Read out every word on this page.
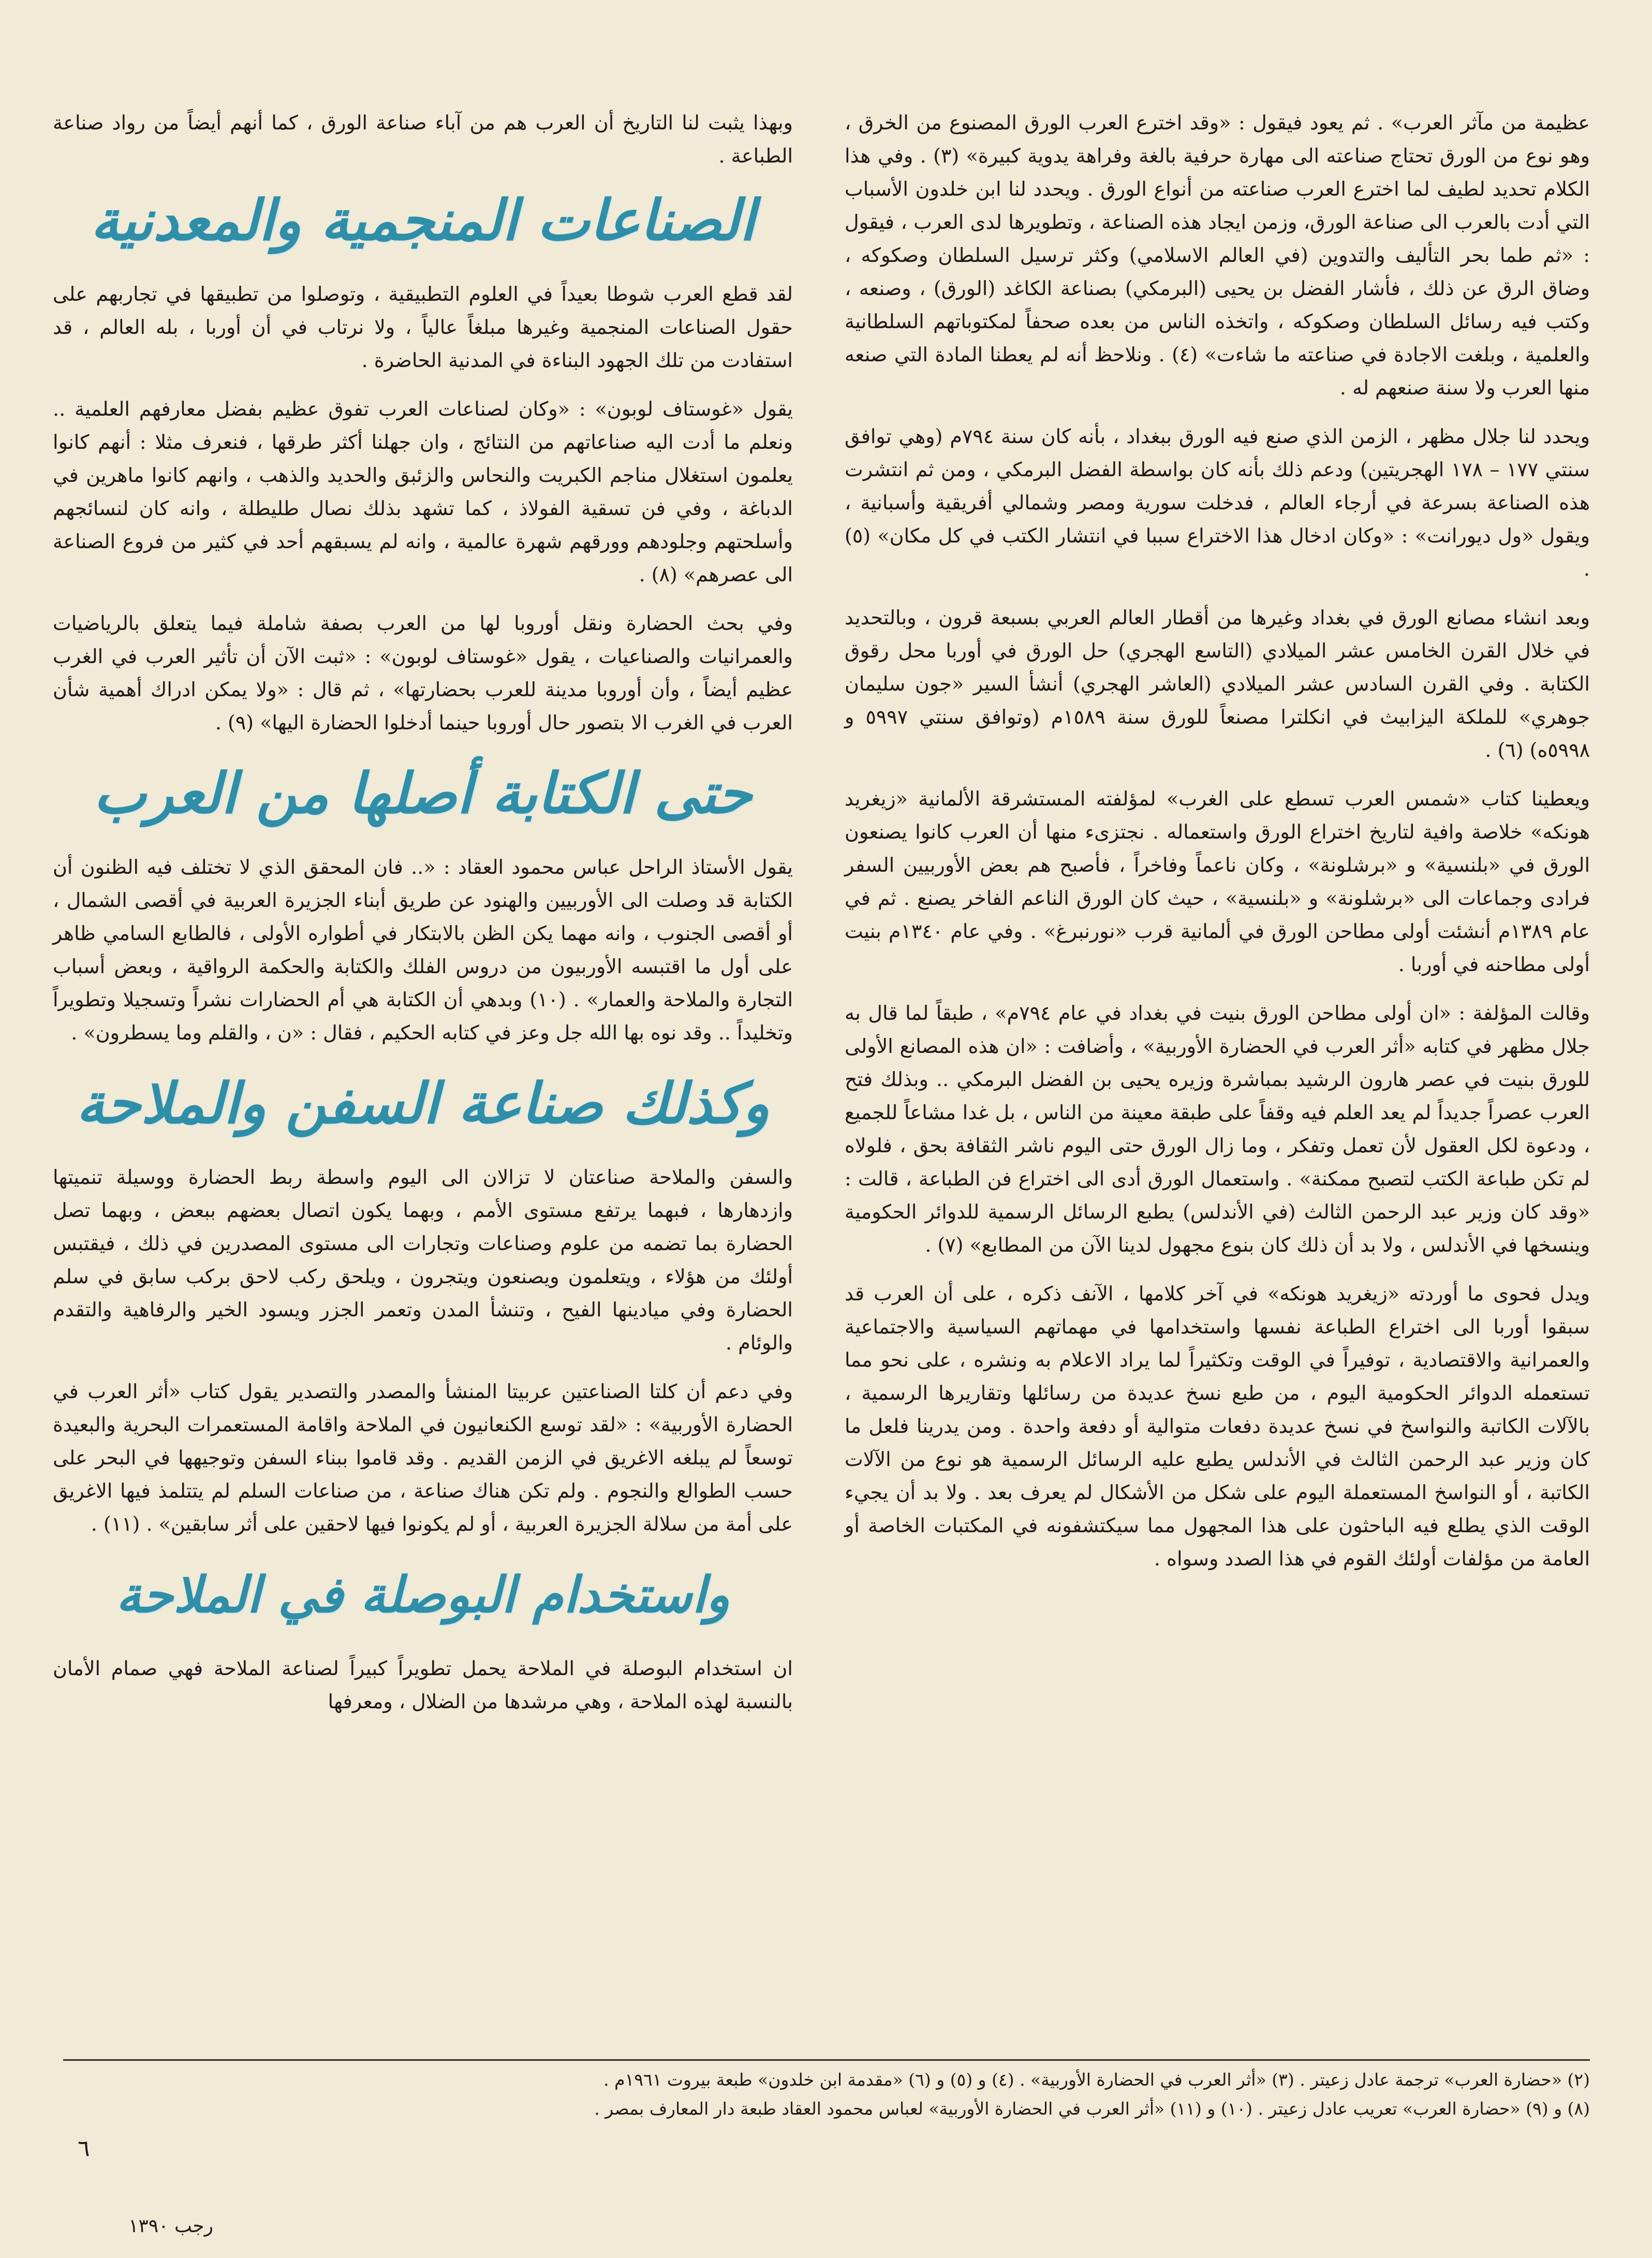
عظيمة من مآثر العرب» . ثم يعود فيقول : «وقد اخترع العرب الورق المصنوع من الخرق ، وهو نوع من الورق تحتاج صناعته الى مهارة حرفية بالغة وفراهة يدوية كبيرة» (٣) . وفي هذا الكلام تحديد لطيف لما اخترع العرب صناعته من أنواع الورق . ويحدد لنا ابن خلدون الأسباب التي أدت بالعرب الى صناعة الورق، وزمن ايجاد هذه الصناعة ، وتطويرها لدى العرب ، فيقول : «ثم طما بحر التأليف والتدوين (في العالم الاسلامي) وكثر ترسيل السلطان وصكوكه ، وضاق الرق عن ذلك ، فأشار الفضل بن يحيى (البرمكي) بصناعة الكاغد (الورق) ، وصنعه ، وكتب فيه رسائل السلطان وصكوكه ، واتخذه الناس من بعده صحفاً لمكتوباتهم السلطانية والعلمية ، وبلغت الاجادة في صناعته ما شاءت» (٤) . ونلاحظ أنه لم يعطنا المادة التي صنعه منها العرب ولا سنة صنعهم له .

ويحدد لنا جلال مظهر ، الزمن الذي صنع فيه الورق ببغداد ، بأنه كان سنة ٧٩٤م (وهي توافق سنتي ١٧٧ – ١٧٨ الهجريتين) ودعم ذلك بأنه كان بواسطة الفضل البرمكي ، ومن ثم انتشرت هذه الصناعة بسرعة في أرجاء العالم ، فدخلت سورية ومصر وشمالي أفريقية وأسبانية ، ويقول «ول ديورانت» : «وكان ادخال هذا الاختراع سببا في انتشار الكتب في كل مكان» (٥) .

وبعد انشاء مصانع الورق في بغداد وغيرها من أقطار العالم العربي بسبعة قرون ، وبالتحديد في خلال القرن الخامس عشر الميلادي (التاسع الهجري) حل الورق في أوربا محل رقوق الكتابة . وفي القرن السادس عشر الميلادي (العاشر الهجري) أنشأ السير «جون سليمان جوهري» للملكة اليزابيث في انكلترا مصنعاً للورق سنة ١٥٨٩م (وتوافق سنتي ٥٩٩٧ و ٥٩٩٨ه) (٦) .

ويعطينا كتاب «شمس العرب تسطع على الغرب» لمؤلفته المستشرقة الألمانية «زيغريد هونكه» خلاصة وافية لتاريخ اختراع الورق واستعماله . نجتزىء منها أن العرب كانوا يصنعون الورق في «بلنسية» و «برشلونة» ، وكان ناعماً وفاخراً ، فأصبح هم بعض الأوربيين السفر فرادى وجماعات الى «برشلونة» و «بلنسية» ، حيث كان الورق الناعم الفاخر يصنع . ثم في عام ١٣٨٩م أنشئت أولى مطاحن الورق في ألمانية قرب «نورنبرغ» . وفي عام ١٣٤٠م بنيت أولى مطاحنه في أوربا .

وقالت المؤلفة : «ان أولى مطاحن الورق بنيت في بغداد في عام ٧٩٤م» ، طبقاً لما قال به جلال مظهر في كتابه «أثر العرب في الحضارة الأوربية» ، وأضافت : «ان هذه المصانع الأولى للورق بنيت في عصر هارون الرشيد بمباشرة وزيره يحيى بن الفضل البرمكي .. وبذلك فتح العرب عصراً جديداً لم يعد العلم فيه وقفاً على طبقة معينة من الناس ، بل غدا مشاعاً للجميع ، ودعوة لكل العقول لأن تعمل وتفكر ، وما زال الورق حتى اليوم ناشر الثقافة بحق ، فلولاه لم تكن طباعة الكتب لتصبح ممكنة» . واستعمال الورق أدى الى اختراع فن الطباعة ، قالت : «وقد كان وزير عبد الرحمن الثالث (في الأندلس) يطبع الرسائل الرسمية للدوائر الحكومية وينسخها في الأندلس ، ولا بد أن ذلك كان بنوع مجهول لدينا الآن من المطابع» (٧) .

ويدل فحوى ما أوردته «زيغريد هونكه» في آخر كلامها ، الآنف ذكره ، على أن العرب قد سبقوا أوربا الى اختراع الطباعة نفسها واستخدامها في مهماتهم السياسية والاجتماعية والعمرانية والاقتصادية ، توفيراً في الوقت وتكثيراً لما يراد الاعلام به ونشره ، على نحو مما تستعمله الدوائر الحكومية اليوم ، من طبع نسخ عديدة من رسائلها وتقاريرها الرسمية ، بالآلات الكاتبة والنواسخ في نسخ عديدة دفعات متوالية أو دفعة واحدة . ومن يدرينا فلعل ما كان وزير عبد الرحمن الثالث في الأندلس يطبع عليه الرسائل الرسمية هو نوع من الآلات الكاتبة ، أو النواسخ المستعملة اليوم على شكل من الأشكال لم يعرف بعد . ولا بد أن يجيء الوقت الذي يطلع فيه الباحثون على هذا المجهول مما سيكتشفونه في المكتبات الخاصة أو العامة من مؤلفات أولئك القوم في هذا الصدد وسواه .

وبهذا يثبت لنا التاريخ أن العرب هم من آباء صناعة الورق ، كما أنهم أيضاً من رواد صناعة الطباعة .

الصناعات المنجمية والمعدنية

لقد قطع العرب شوطا بعيداً في العلوم التطبيقية ، وتوصلوا من تطبيقها في تجاربهم على حقول الصناعات المنجمية وغيرها مبلغاً عالياً ، ولا نرتاب في أن أوربا ، بله العالم ، قد استفادت من تلك الجهود البناءة في المدنية الحاضرة .

يقول «غوستاف لوبون» : «وكان لصناعات العرب تفوق عظيم بفضل معارفهم العلمية .. ونعلم ما أدت اليه صناعاتهم من النتائج ، وان جهلنا أكثر طرقها ، فنعرف مثلا : أنهم كانوا يعلمون استغلال مناجم الكبريت والنحاس والزئبق والحديد والذهب ، وانهم كانوا ماهرين في الدباغة ، وفي فن تسقية الفولاذ ، كما تشهد بذلك نصال طليطلة ، وانه كان لنسائجهم وأسلحتهم وجلودهم وورقهم شهرة عالمية ، وانه لم يسبقهم أحد في كثير من فروع الصناعة الى عصرهم» (٨) .

وفي بحث الحضارة ونقل أوروبا لها من العرب بصفة شاملة فيما يتعلق بالرياضيات والعمرانيات والصناعيات ، يقول «غوستاف لوبون» : «ثبت الآن أن تأثير العرب في الغرب عظيم أيضاً ، وأن أوروبا مدينة للعرب بحضارتها» ، ثم قال : «ولا يمكن ادراك أهمية شأن العرب في الغرب الا بتصور حال أوروبا حينما أدخلوا الحضارة اليها» (٩) .

حتى الكتابة أصلها من العرب

يقول الأستاذ الراحل عباس محمود العقاد : «.. فان المحقق الذي لا تختلف فيه الظنون أن الكتابة قد وصلت الى الأوربيين والهنود عن طريق أبناء الجزيرة العربية في أقصى الشمال ، أو أقصى الجنوب ، وانه مهما يكن الظن بالابتكار في أطواره الأولى ، فالطابع السامي ظاهر على أول ما اقتبسه الأوربيون من دروس الفلك والكتابة والحكمة الرواقية ، وبعض أسباب التجارة والملاحة والعمار» . (١٠) وبدهي أن الكتابة هي أم الحضارات نشراً وتسجيلا وتطويراً وتخليداً .. وقد نوه بها الله جل وعز في كتابه الحكيم ، فقال : «ن ، والقلم وما يسطرون» .

وكذلك صناعة السفن والملاحة

والسفن والملاحة صناعتان لا تزالان الى اليوم واسطة ربط الحضارة ووسيلة تنميتها وازدهارها ، فبهما يرتفع مستوى الأمم ، وبهما يكون اتصال بعضهم ببعض ، وبهما تصل الحضارة بما تضمه من علوم وصناعات وتجارات الى مستوى المصدرين في ذلك ، فيقتبس أولئك من هؤلاء ، ويتعلمون ويصنعون ويتجرون ، ويلحق ركب لاحق بركب سابق في سلم الحضارة وفي ميادينها الفيح ، وتنشأ المدن وتعمر الجزر ويسود الخير والرفاهية والتقدم والوئام .

وفي دعم أن كلتا الصناعتين عربيتا المنشأ والمصدر والتصدير يقول كتاب «أثر العرب في الحضارة الأوربية» : «لقد توسع الكنعانيون في الملاحة واقامة المستعمرات البحرية والبعيدة توسعاً لم يبلغه الاغريق في الزمن القديم . وقد قاموا ببناء السفن وتوجيهها في البحر على حسب الطوالع والنجوم . ولم تكن هناك صناعة ، من صناعات السلم لم يتتلمذ فيها الاغريق على أمة من سلالة الجزيرة العربية ، أو لم يكونوا فيها لاحقين على أثر سابقين» . (١١) .

واستخدام البوصلة في الملاحة

ان استخدام البوصلة في الملاحة يحمل تطويراً كبيراً لصناعة الملاحة فهي صمام الأمان بالنسبة لهذه الملاحة ، وهي مرشدها من الضلال ، ومعرفها

(٢) «حضارة العرب» ترجمة عادل زعيتر . (٣) «أثر العرب في الحضارة الأوربية» . (٤) و (٥) و (٦) «مقدمة ابن خلدون» طبعة بيروت ١٩٦١م .
(٨) و (٩) «حضارة العرب» تعريب عادل زعيتر . (١٠) و (١١) «أثر العرب في الحضارة الأوربية» لعباس محمود العقاد طبعة دار المعارف بمصر .
٦
رجب ١٣٩٠
